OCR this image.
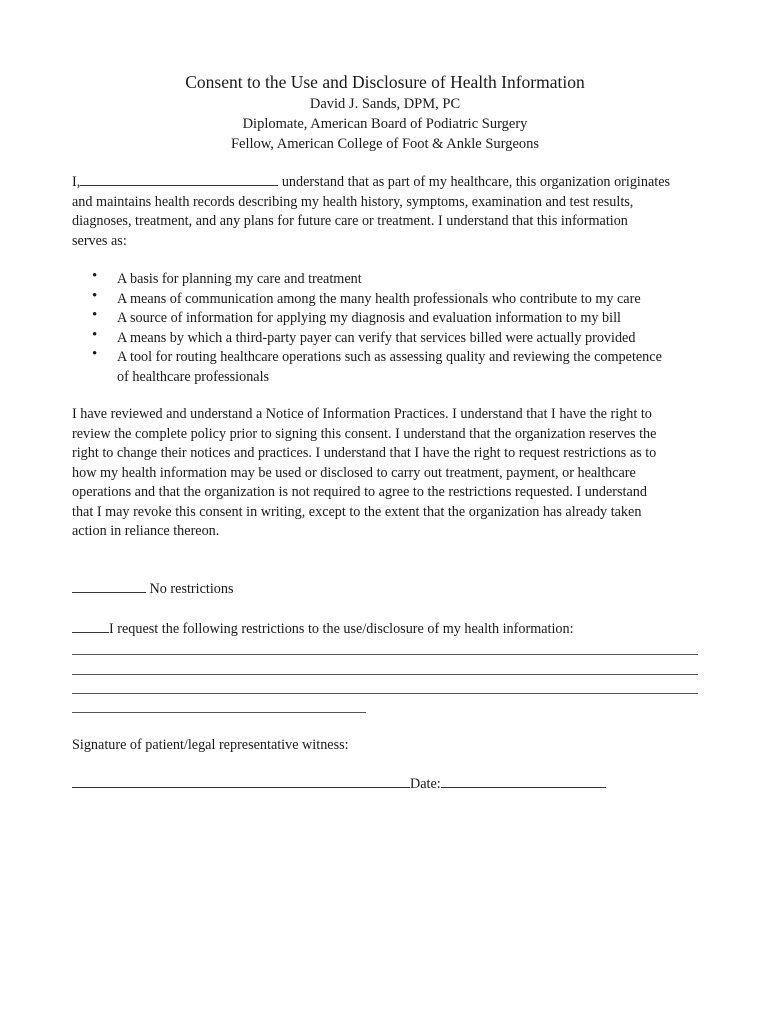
Consent to the Use and Disclosure of Health Information
David J. Sands, DPM, PC
Diplomate, American Board of Podiatric Surgery
Fellow, American College of Foot & Ankle Surgeons
I,	understand that as part of my healthcare, this organization originates
and maintains health records describing my health history, symptoms, examination and test results,
diagnoses, treatment, and any plans for future care or treatment. I understand that this information
serves as:
• A basis for planning my care and treatment
• A means of communication among the many health professionals who contribute to my care
• A source of information for applying my diagnosis and evaluation information to my bill
• A means by which a third-party payer can verify that services billed were actually provided
• A tool for routing healthcare operations such as assessing quality and reviewing the competence
of healthcare professionals
I have reviewed and understand a Notice of Information Practices. I understand that I have the right to
review the complete policy prior to signing this consent. I understand that the organization reserves the
right to change their notices and practices. I understand that I have the right to request restrictions as to
how my health information may be used or disclosed to carry out treatment, payment, or healthcare
operations and that the organization is not required to agree to the restrictions requested. I understand
that I may revoke this consent in writing, except to the extent that the organization has already taken
action in reliance thereon.
No restrictions
I request the following restrictions to the use/disclosure of my health information:
Signature of patient/legal representative witness:
Date:
